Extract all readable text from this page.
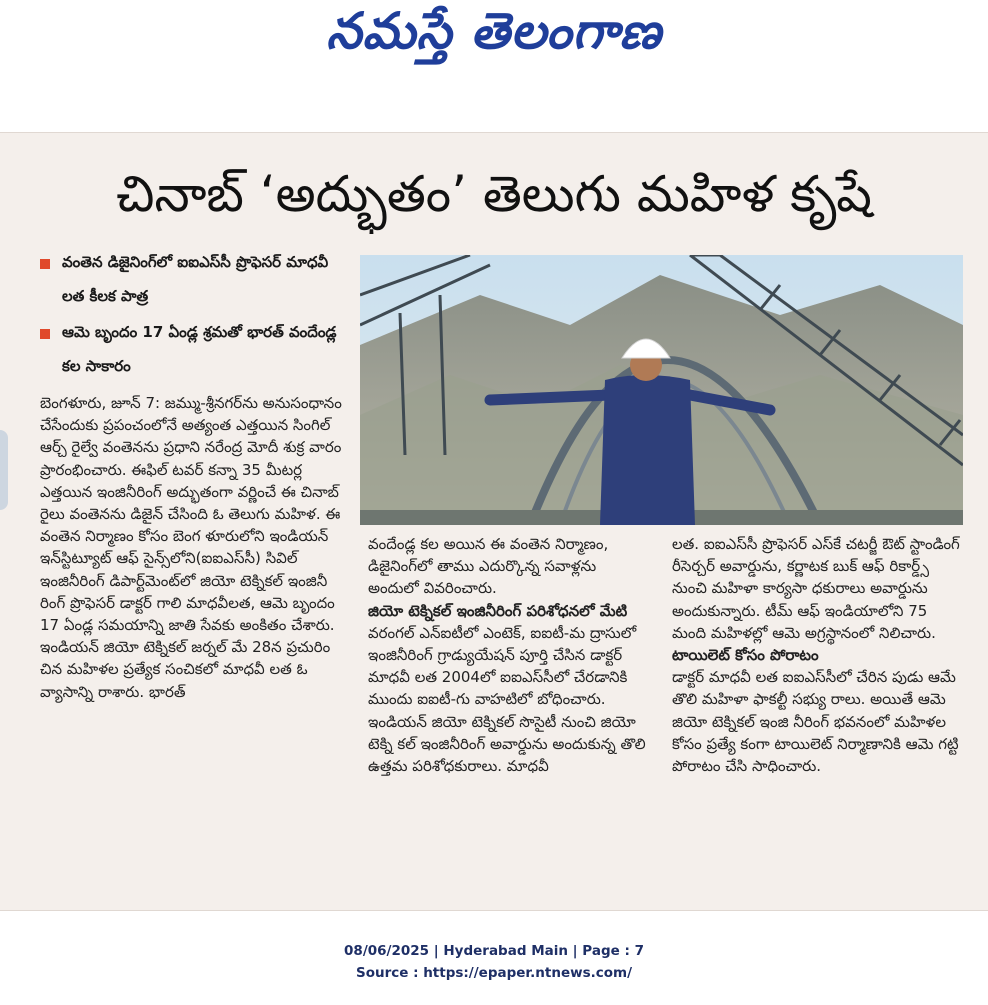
నమస్తే తెలంగాణ
చినాబ్ ‘అద్భుతం’ తెలుగు మహిళ కృషే
వంతెన డిజైనింగ్‌లో ఐఐఎస్‌సీ ప్రొఫెసర్ మాధవీ లత కీలక పాత్ర
ఆమె బృందం 17 ఏండ్ల శ్రమతో భారత్ వందేండ్ల కల సాకారం

బెంగళూరు, జూన్ 7: జమ్ము-శ్రీనగర్‌ను అనుసంధానం చేసేందుకు ప్రపంచంలోనే అత్యంత ఎత్తయిన సింగిల్ ఆర్చ్ రైల్వే వంతెనను ప్రధాని నరేంద్ర మోదీ శుక్ర వారం ప్రారంభించారు. ఈఫిల్ టవర్ కన్నా 35 మీటర్ల ఎత్తయిన ఇంజినీరింగ్ అద్భుతంగా వర్ణించే ఈ చినాబ్ రైలు వంతెనను డిజైన్ చేసింది ఓ తెలుగు మహిళ. ఈ వంతెన నిర్మాణం కోసం బెంగ ళూరులోని ఇండియన్ ఇన్‌స్టిట్యూట్ ఆఫ్ సైన్స్‌లోని(ఐఐఎస్‌సీ) సివిల్ ఇంజినీరింగ్ డిపార్ట్‌మెంట్‌లో జియో టెక్నికల్ ఇంజినీ రింగ్ ప్రొఫెసర్ డాక్టర్ గాలి మాధవీలత, ఆమె బృందం 17 ఏండ్ల సమయాన్ని జాతి సేవకు అంకితం చేశారు. ఇండియన్ జియో టెక్నికల్ జర్నల్ మే 28న ప్రచురిం చిన మహిళల ప్రత్యేక సంచికలో మాధవీ లత ఓ వ్యాసాన్ని రాశారు. భారత్

వందేండ్ల కల అయిన ఈ వంతెన నిర్మాణం, డిజైనింగ్‌లో తాము ఎదుర్కొన్న సవాళ్లను అందులో వివరించారు.

జియో టెక్నికల్ ఇంజినీరింగ్ పరిశోధనలో మేటి

వరంగల్ ఎన్ఐటీలో ఎంటెక్, ఐఐటీ-మ ద్రాసులో ఇంజినీరింగ్ గ్రాడ్యుయేషన్ పూర్తి చేసిన డాక్టర్ మాధవీ లత 2004లో ఐఐఎస్‌సీలో చేరడానికి ముందు ఐఐటీ-గు వాహటిలో బోధించారు. ఇండియన్ జియో టెక్నికల్ సొసైటీ నుంచి జియో టెక్ని కల్ ఇంజినీరింగ్ అవార్డును అందుకున్న తొలి ఉత్తమ పరిశోధకురాలు. మాధవీ

లత. ఐఐఎస్‌సీ ప్రొఫెసర్ ఎస్‌కే చటర్జీ ఔట్ స్టాండింగ్ రీసెర్చర్ అవార్డును, కర్ణాటక బుక్ ఆఫ్ రికార్డ్స్ నుంచి మహిళా కార్యసా ధకురాలు అవార్డును అందుకున్నారు. టీమ్ ఆఫ్ ఇండియాలోని 75 మంది మహిళల్లో ఆమె అగ్రస్థానంలో నిలిచారు.

టాయిలెట్ కోసం పోరాటం

డాక్టర్ మాధవీ లత ఐఐఎస్‌సీలో చేరిన పుడు ఆమే తొలి మహిళా ఫాకల్టీ సభ్యు రాలు. అయితే ఆమె జియో టెక్నికల్ ఇంజి నీరింగ్ భవనంలో మహిళల కోసం ప్రత్యే కంగా టాయిలెట్ నిర్మాణానికి ఆమె గట్టి పోరాటం చేసి సాధించారు.

08/06/2025 | Hyderabad Main | Page : 7
Source : https://epaper.ntnews.com/
